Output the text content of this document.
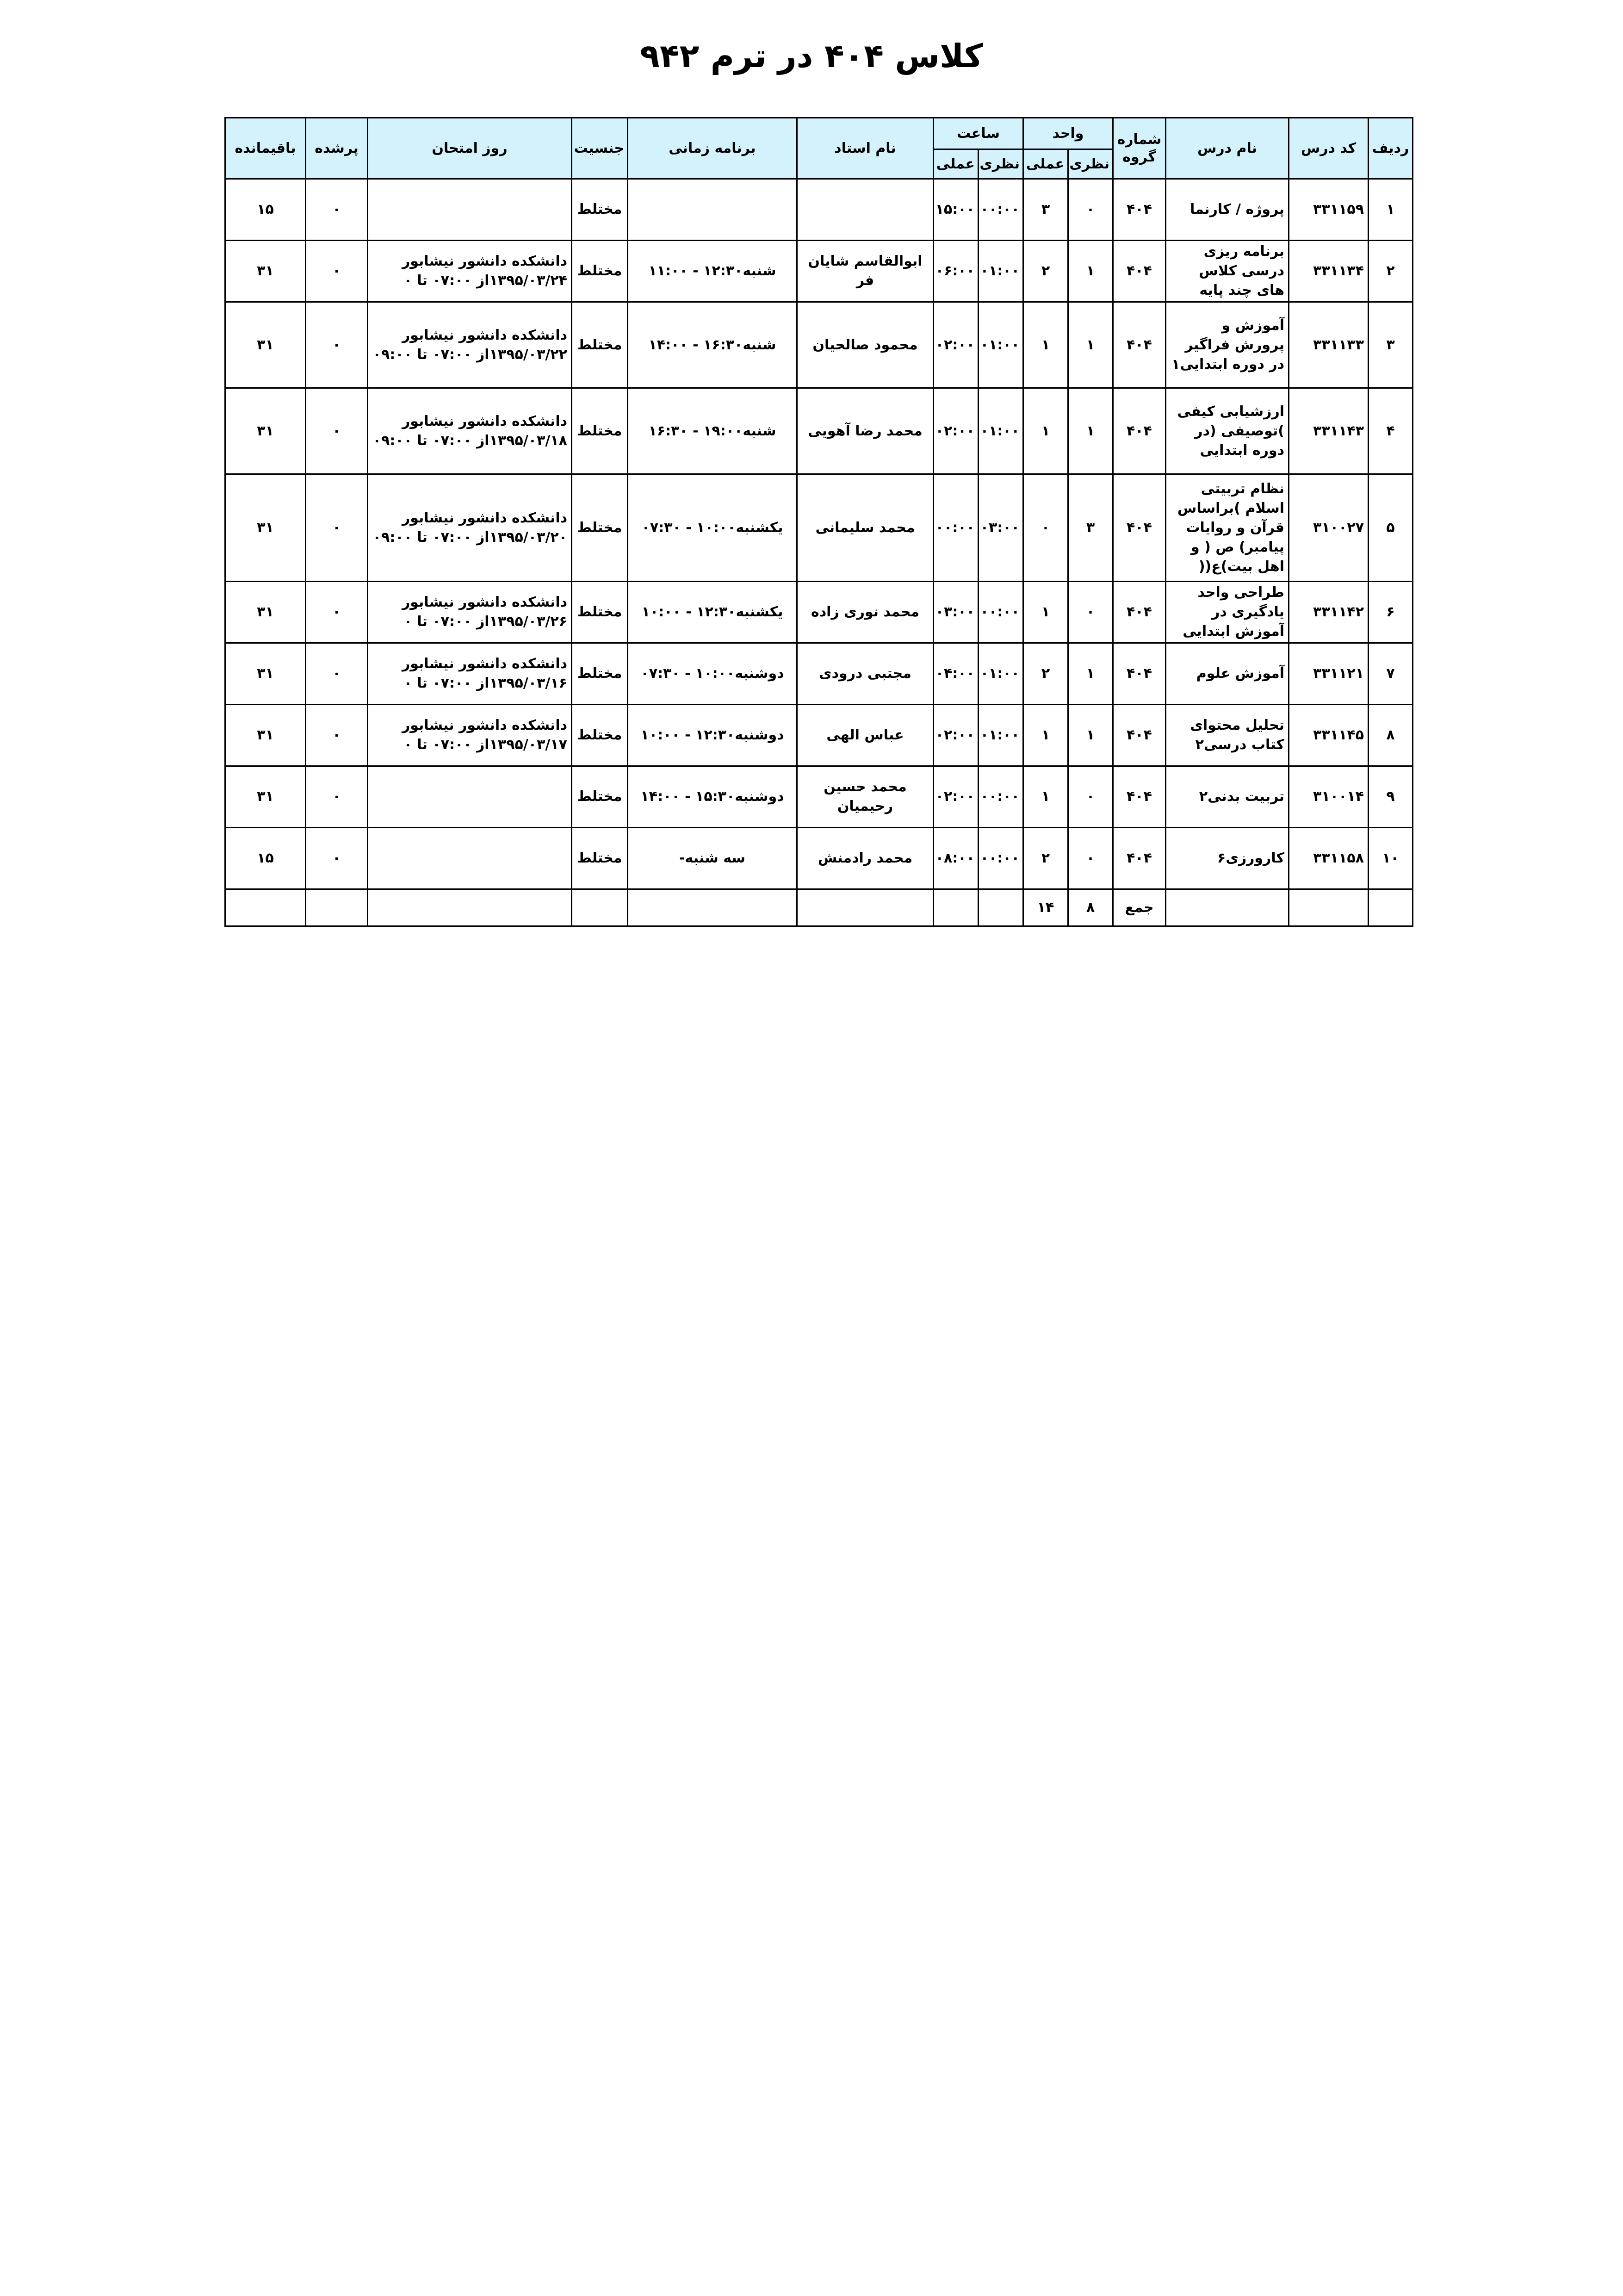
کلاس ۴۰۴ در ترم ۹۴۲
ردیف	کد درس	نام درس	شماره گروه	واحد		ساعت		نام استاد	برنامه زمانی	جنسیت	روز امتحان	پرشده	باقیمانده
				نظری	عملی	نظری	عملی						
۱	۳۳۱۱۵۹	پروژه / کارنما	۴۰۴	۰	۳	۰۰:۰۰	۱۵:۰۰			مختلط		۰	۱۵
۲	۳۳۱۱۳۴	برنامه ریزی درسی کلاس های چند پایه	۴۰۴	۱	۲	۰۱:۰۰	۰۶:۰۰	ابوالقاسم شایان فر	شنبه۱۲:۳۰ - ۱۱:۰۰	مختلط	دانشکده دانشور نیشابور ۱۳۹۵/۰۳/۲۴از ۰۷:۰۰ تا ۰	۰	۳۱
۳	۳۳۱۱۳۳	آموزش و پرورش فراگیر در دوره ابتدایی۱	۴۰۴	۱	۱	۰۱:۰۰	۰۲:۰۰	محمود صالحیان	شنبه۱۶:۳۰ - ۱۴:۰۰	مختلط	دانشکده دانشور نیشابور ۱۳۹۵/۰۳/۲۲از ۰۷:۰۰ تا ۰۹:۰۰	۰	۳۱
۴	۳۳۱۱۴۳	ارزشیابی کیفی )توصیفی (در دوره ابتدایی	۴۰۴	۱	۱	۰۱:۰۰	۰۲:۰۰	محمد رضا آهویی	شنبه۱۹:۰۰ - ۱۶:۳۰	مختلط	دانشکده دانشور نیشابور ۱۳۹۵/۰۳/۱۸از ۰۷:۰۰ تا ۰۹:۰۰	۰	۳۱
۵	۳۱۰۰۲۷	نظام تربیتی اسلام )براساس قرآن و روایات پیامبر) ص ( و اهل بیت)ع((	۴۰۴	۳	۰	۰۳:۰۰	۰۰:۰۰	محمد سلیمانی	یکشنبه۱۰:۰۰ - ۰۷:۳۰	مختلط	دانشکده دانشور نیشابور ۱۳۹۵/۰۳/۲۰از ۰۷:۰۰ تا ۰۹:۰۰	۰	۳۱
۶	۳۳۱۱۴۲	طراحی واحد یادگیری در آموزش ابتدایی	۴۰۴	۰	۱	۰۰:۰۰	۰۳:۰۰	محمد نوری زاده	یکشنبه۱۲:۳۰ - ۱۰:۰۰	مختلط	دانشکده دانشور نیشابور ۱۳۹۵/۰۳/۲۶از ۰۷:۰۰ تا ۰	۰	۳۱
۷	۳۳۱۱۲۱	آموزش علوم	۴۰۴	۱	۲	۰۱:۰۰	۰۴:۰۰	مجتبی درودی	دوشنبه۱۰:۰۰ - ۰۷:۳۰	مختلط	دانشکده دانشور نیشابور ۱۳۹۵/۰۳/۱۶از ۰۷:۰۰ تا ۰	۰	۳۱
۸	۳۳۱۱۴۵	تحلیل محتوای کتاب درسی۲	۴۰۴	۱	۱	۰۱:۰۰	۰۲:۰۰	عباس الهی	دوشنبه۱۲:۳۰ - ۱۰:۰۰	مختلط	دانشکده دانشور نیشابور ۱۳۹۵/۰۳/۱۷از ۰۷:۰۰ تا ۰	۰	۳۱
۹	۳۱۰۰۱۴	تربیت بدنی۲	۴۰۴	۰	۱	۰۰:۰۰	۰۲:۰۰	محمد حسین رحیمیان	دوشنبه۱۵:۳۰ - ۱۴:۰۰	مختلط		۰	۳۱
۱۰	۳۳۱۱۵۸	کارورزی۶	۴۰۴	۰	۲	۰۰:۰۰	۰۸:۰۰	محمد رادمنش	سه شنبه-	مختلط		۰	۱۵
			جمع	۸	۱۴								
